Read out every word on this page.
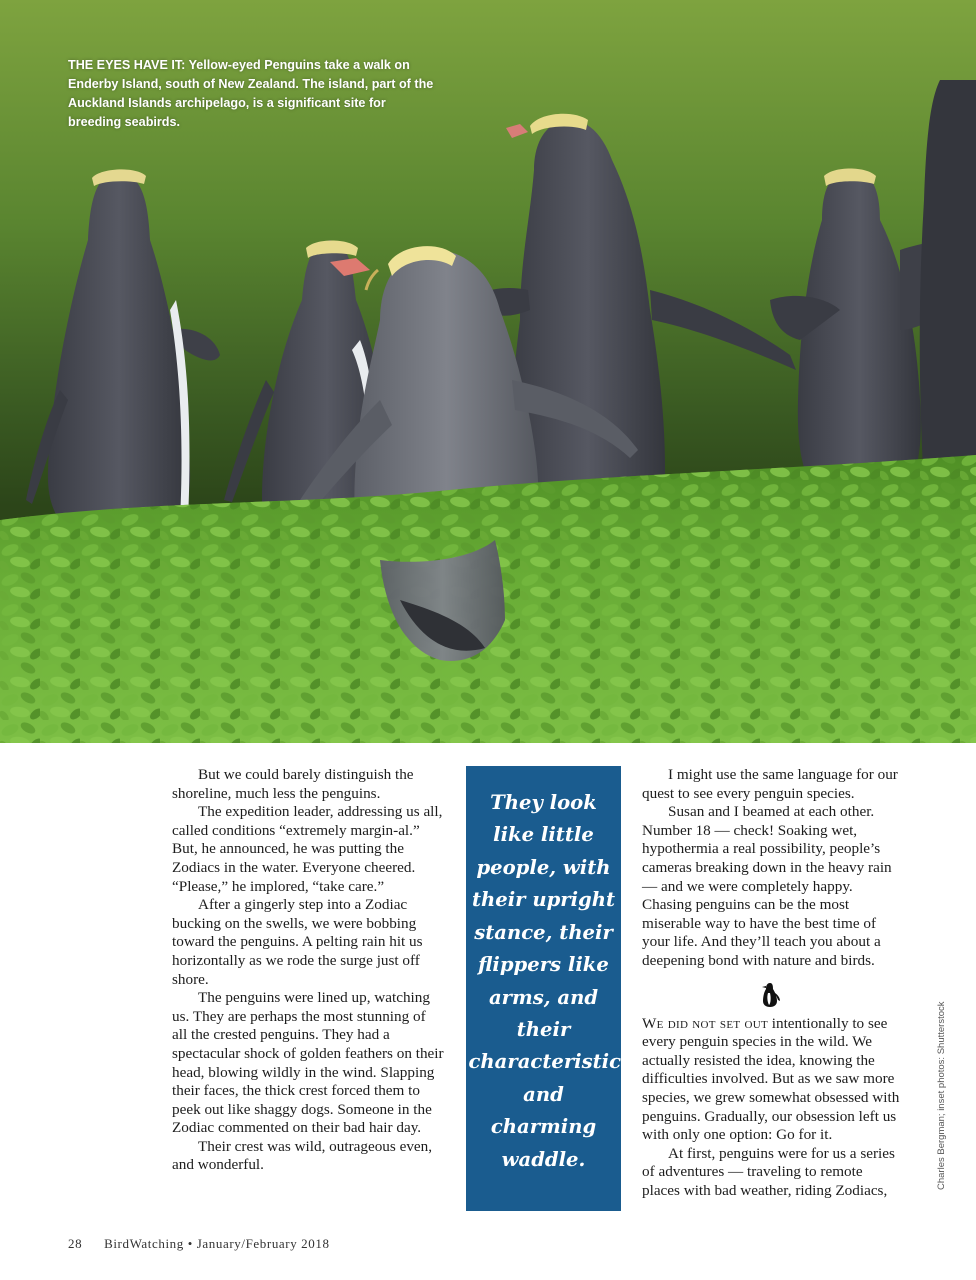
THE EYES HAVE IT: Yellow-eyed Penguins take a walk on Enderby Island, south of New Zealand. The island, part of the Auckland Islands archipelago, is a significant site for breeding seabirds.

But we could barely distinguish the shoreline, much less the penguins.

The expedition leader, addressing us all, called conditions “extremely margin-al.” But, he announced, he was putting the Zodiacs in the water. Everyone cheered. “Please,” he implored, “take care.”

After a gingerly step into a Zodiac bucking on the swells, we were bobbing toward the penguins. A pelting rain hit us horizontally as we rode the surge just off shore.

The penguins were lined up, watching us. They are perhaps the most stunning of all the crested penguins. They had a spectacular shock of golden feathers on their head, blowing wildly in the wind. Slapping their faces, the thick crest forced them to peek out like shaggy dogs. Someone in the Zodiac commented on their bad hair day.

Their crest was wild, outrageous even, and wonderful.

They look like little people, with their upright stance, their flippers like arms, and their characteristic and charming waddle.

I might use the same language for our quest to see every penguin species.

Susan and I beamed at each other. Number 18 — check! Soaking wet, hypothermia a real possibility, people’s cameras breaking down in the heavy rain — and we were completely happy. Chasing penguins can be the most miserable way to have the best time of your life. And they’ll teach you about a deepening bond with nature and birds.

We did not set out intentionally to see every penguin species in the wild. We actually resisted the idea, knowing the difficulties involved. But as we saw more species, we grew somewhat obsessed with penguins. Gradually, our obsession left us with only one option: Go for it.

At first, penguins were for us a series of adventures — traveling to remote places with bad weather, riding Zodiacs,

28 BirdWatching • January/February 2018
Charles Bergman; inset photos: Shutterstock
